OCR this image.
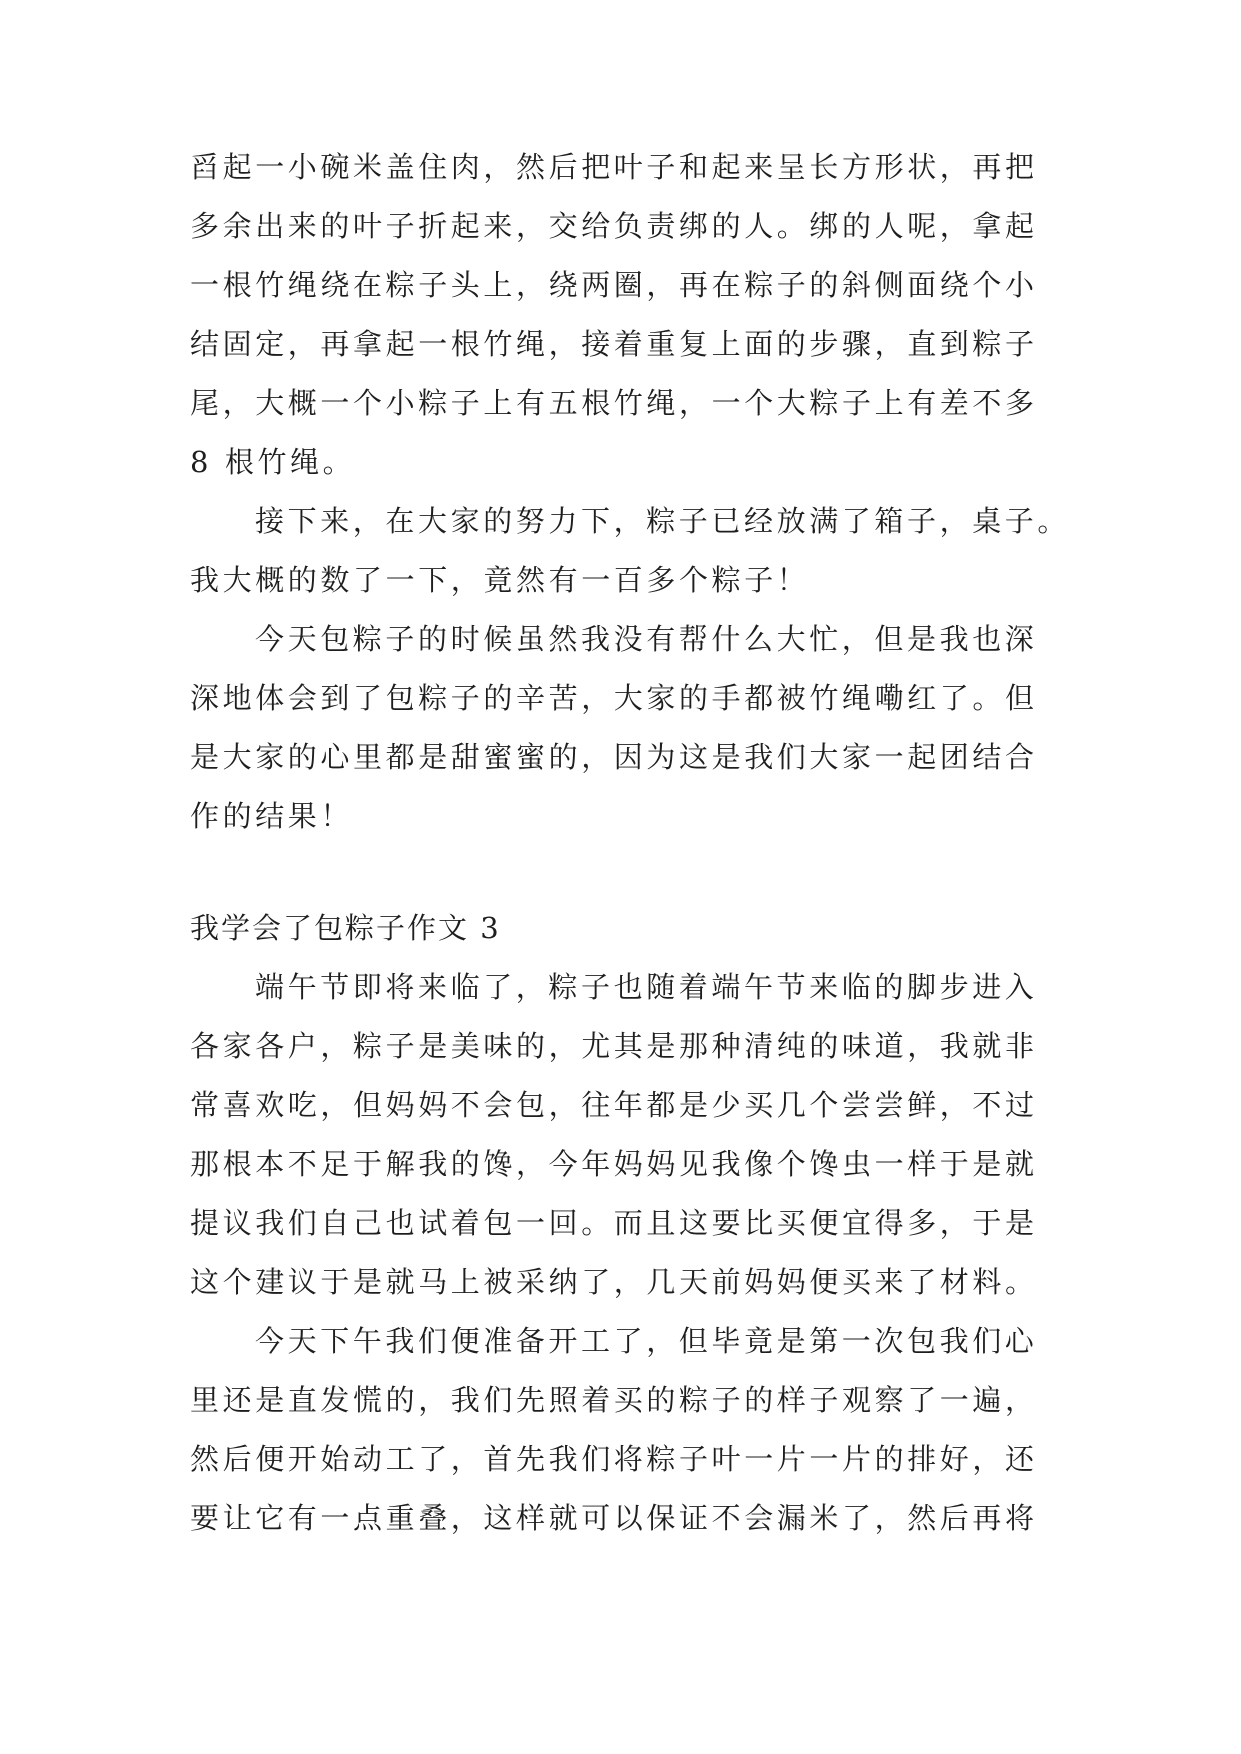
舀起一小碗米盖住肉，然后把叶子和起来呈长方形状，再把
多余出来的叶子折起来，交给负责绑的人。绑的人呢，拿起
一根竹绳绕在粽子头上，绕两圈，再在粽子的斜侧面绕个小
结固定，再拿起一根竹绳，接着重复上面的步骤，直到粽子
尾，大概一个小粽子上有五根竹绳，一个大粽子上有差不多
8 根竹绳。
接下来，在大家的努力下，粽子已经放满了箱子，桌子。
我大概的数了一下，竟然有一百多个粽子！
今天包粽子的时候虽然我没有帮什么大忙，但是我也深
深地体会到了包粽子的辛苦，大家的手都被竹绳嘞红了。但
是大家的心里都是甜蜜蜜的，因为这是我们大家一起团结合
作的结果！
我学会了包粽子作文 3
端午节即将来临了，粽子也随着端午节来临的脚步进入
各家各户，粽子是美味的，尤其是那种清纯的味道，我就非
常喜欢吃，但妈妈不会包，往年都是少买几个尝尝鲜，不过
那根本不足于解我的馋，今年妈妈见我像个馋虫一样于是就
提议我们自己也试着包一回。而且这要比买便宜得多，于是
这个建议于是就马上被采纳了，几天前妈妈便买来了材料。
今天下午我们便准备开工了，但毕竟是第一次包我们心
里还是直发慌的，我们先照着买的粽子的样子观察了一遍，
然后便开始动工了，首先我们将粽子叶一片一片的排好，还
要让它有一点重叠，这样就可以保证不会漏米了，然后再将
